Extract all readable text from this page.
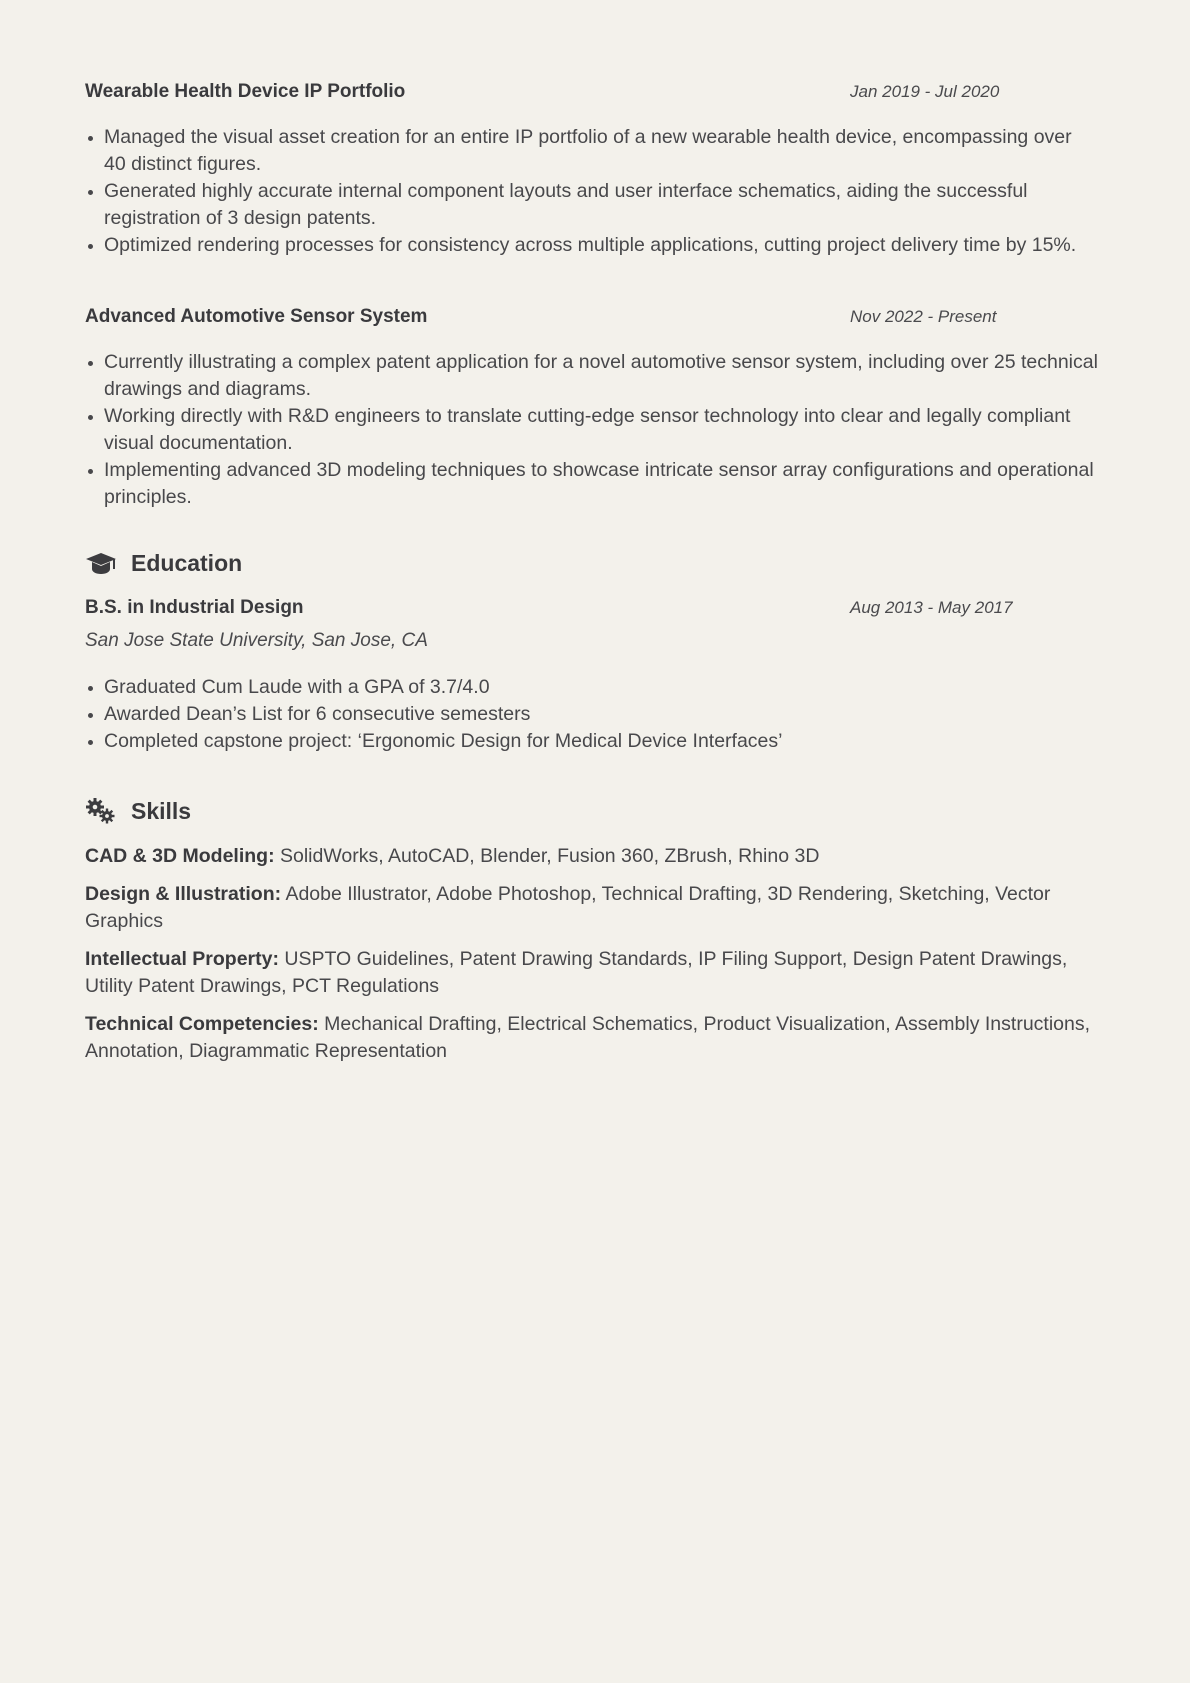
Wearable Health Device IP Portfolio	Jan 2019 - Jul 2020
Managed the visual asset creation for an entire IP portfolio of a new wearable health device, encompassing over 40 distinct figures.
Generated highly accurate internal component layouts and user interface schematics, aiding the successful registration of 3 design patents.
Optimized rendering processes for consistency across multiple applications, cutting project delivery time by 15%.
Advanced Automotive Sensor System	Nov 2022 - Present
Currently illustrating a complex patent application for a novel automotive sensor system, including over 25 technical drawings and diagrams.
Working directly with R&D engineers to translate cutting-edge sensor technology into clear and legally compliant visual documentation.
Implementing advanced 3D modeling techniques to showcase intricate sensor array configurations and operational principles.
Education
B.S. in Industrial Design	Aug 2013 - May 2017
San Jose State University, San Jose, CA
Graduated Cum Laude with a GPA of 3.7/4.0
Awarded Dean’s List for 6 consecutive semesters
Completed capstone project: ‘Ergonomic Design for Medical Device Interfaces’
Skills
CAD & 3D Modeling: SolidWorks, AutoCAD, Blender, Fusion 360, ZBrush, Rhino 3D
Design & Illustration: Adobe Illustrator, Adobe Photoshop, Technical Drafting, 3D Rendering, Sketching, Vector Graphics
Intellectual Property: USPTO Guidelines, Patent Drawing Standards, IP Filing Support, Design Patent Drawings, Utility Patent Drawings, PCT Regulations
Technical Competencies: Mechanical Drafting, Electrical Schematics, Product Visualization, Assembly Instructions, Annotation, Diagrammatic Representation
